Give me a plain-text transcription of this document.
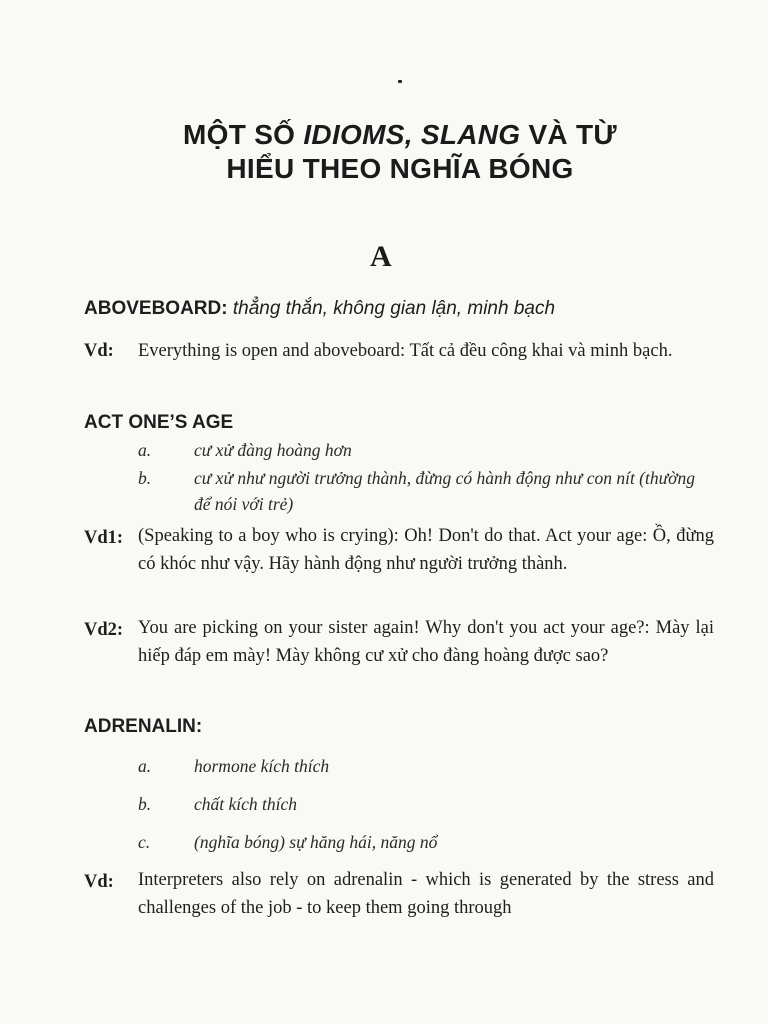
MỘT SỐ IDIOMS, SLANG VÀ TỪ
HIỂU THEO NGHĨA BÓNG
A
ABOVEBOARD: thẳng thắn, không gian lận, minh bạch
Vd: Everything is open and aboveboard: Tất cả đều công khai và minh bạch.
ACT ONE’S AGE
a. cư xử đàng hoàng hơn
b. cư xử như người trưởng thành, đừng có hành động như con nít (thường để nói với trẻ)
Vd1: (Speaking to a boy who is crying): Oh! Don't do that. Act your age: Ồ, đừng có khóc như vậy. Hãy hành động như người trưởng thành.
Vd2: You are picking on your sister again! Why don't you act your age?: Mày lại hiếp đáp em mày! Mày không cư xử cho đàng hoàng được sao?
ADRENALIN:
a. hormone kích thích
b. chất kích thích
c.	(nghĩa bóng) sự hăng hái, năng nổ
Vd: Interpreters also rely on adrenalin - which is generated by the stress and challenges of the job - to keep them going through
